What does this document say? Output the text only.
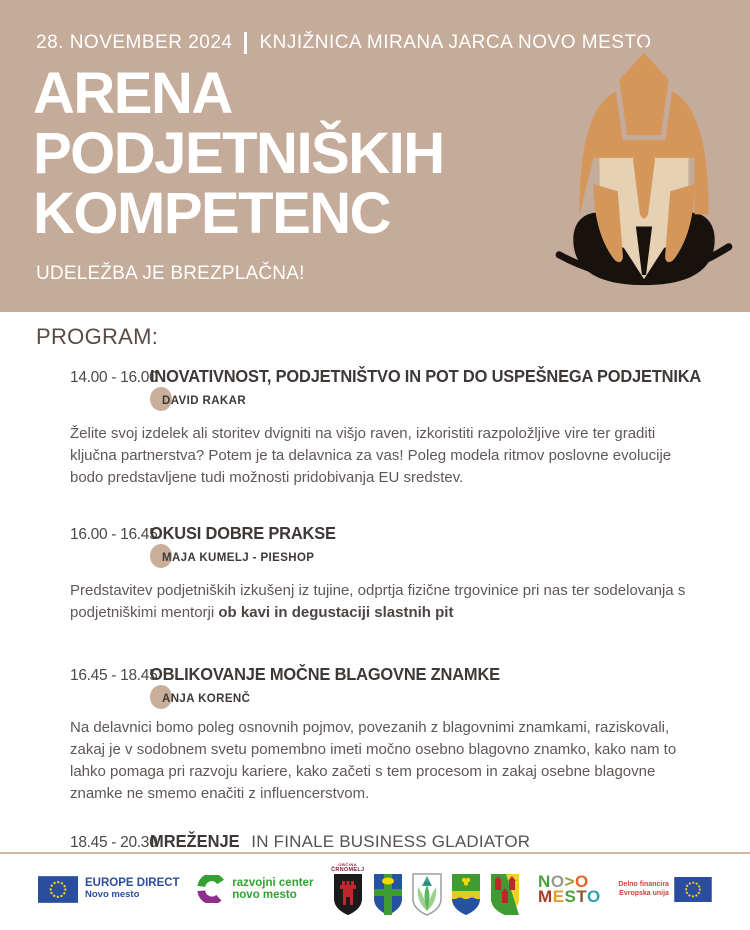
28. NOVEMBER 2024 KNJIŽNICA MIRANA JARCA NOVO MESTO
ARENA
PODJETNIŠKIH
KOMPETENC
UDELEŽBA JE BREZPLAČNA!
PROGRAM:
14.00 - 16.00
INOVATIVNOST, PODJETNIŠTVO IN POT DO USPEŠNEGA PODJETNIKA
DAVID RAKAR
Želite svoj izdelek ali storitev dvigniti na višjo raven, izkoristiti razpoložljive vire ter graditi ključna partnerstva? Potem je ta delavnica za vas! Poleg modela ritmov poslovne evolucije bodo predstavljene tudi možnosti pridobivanja EU sredstev.
16.00 - 16.45
OKUSI DOBRE PRAKSE
MAJA KUMELJ - PIESHOP
Predstavitev podjetniških izkušenj iz tujine, odprtja fizične trgovinice pri nas ter sodelovanja s podjetniškimi mentorji ob kavi in degustaciji slastnih pit
16.45 - 18.45
OBLIKOVANJE MOČNE BLAGOVNE ZNAMKE
ANJA KORENČ
Na delavnici bomo poleg osnovnih pojmov, povezanih z blagovnimi znamkami, raziskovali, zakaj je v sodobnem svetu pomembno imeti močno osebno blagovno znamko, kako nam to lahko pomaga pri razvoju kariere, kako začeti s tem procesom in zakaj osebne blagovne znamke ne smemo enačiti z influencerstvom.
18.45 - 20.30
MREŽENJE IN FINALE BUSINESS GLADIATOR
EUROPE DIRECT
Novo mesto
razvojni center
novo mesto
OBČINA
ČRNOMELJ
NO>O
MESTO
Delno financira
Evropska unija
